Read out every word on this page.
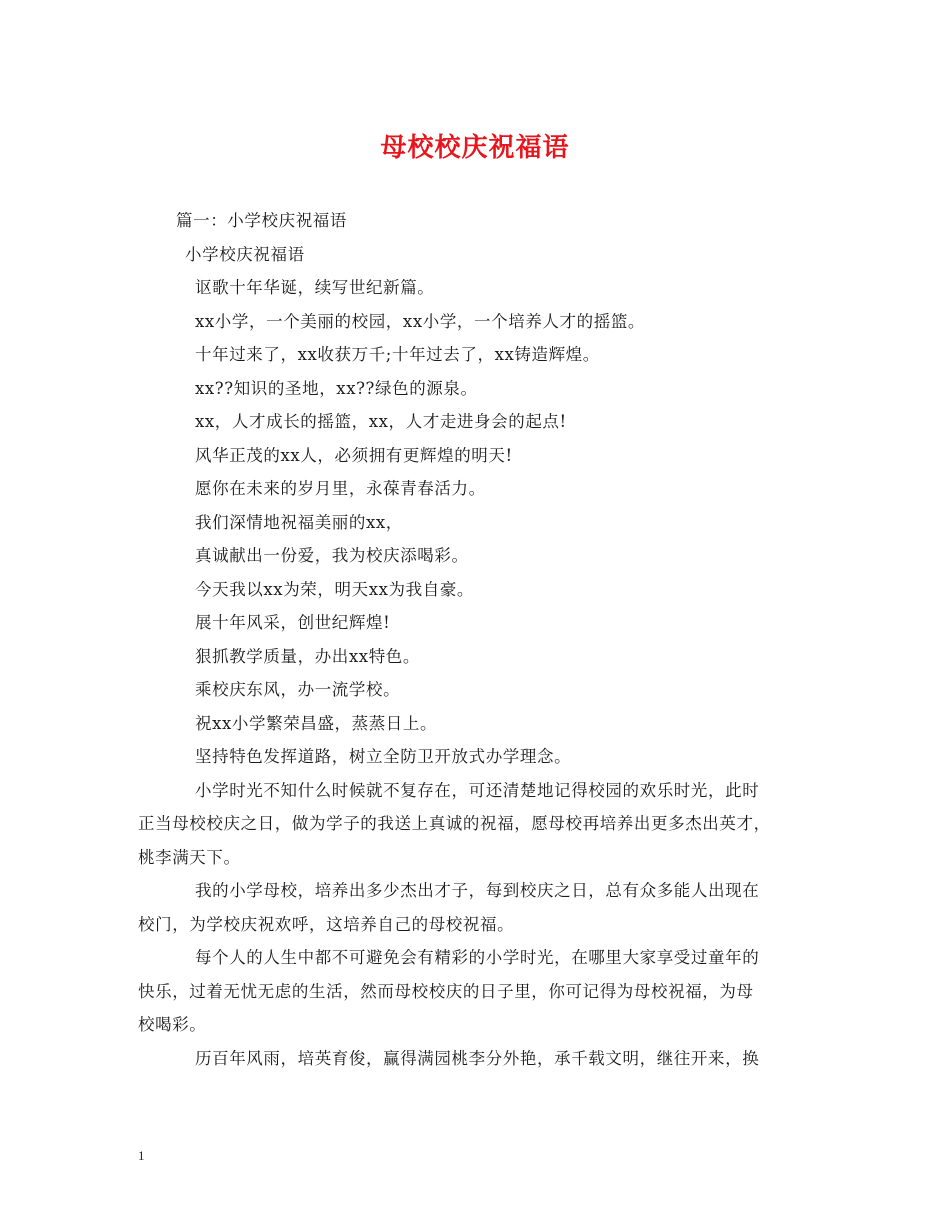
母校校庆祝福语
篇一：小学校庆祝福语
小学校庆祝福语
讴歌十年华诞，续写世纪新篇。
xx小学，一个美丽的校园，xx小学，一个培养人才的摇篮。
十年过来了，xx收获万千;十年过去了，xx铸造辉煌。
xx??知识的圣地，xx??绿色的源泉。
xx，人才成长的摇篮，xx，人才走进身会的起点!
风华正茂的xx人，必须拥有更辉煌的明天!
愿你在未来的岁月里，永葆青春活力。
我们深情地祝福美丽的xx，
真诚献出一份爱，我为校庆添喝彩。
今天我以xx为荣，明天xx为我自豪。
展十年风采，创世纪辉煌!
狠抓教学质量，办出xx特色。
乘校庆东风，办一流学校。
祝xx小学繁荣昌盛，蒸蒸日上。
坚持特色发挥道路，树立全防卫开放式办学理念。
小学时光不知什么时候就不复存在，可还清楚地记得校园的欢乐时光，此时
正当母校校庆之日，做为学子的我送上真诚的祝福，愿母校再培养出更多杰出英才，
桃李满天下。
我的小学母校，培养出多少杰出才子，每到校庆之日，总有众多能人出现在
校门，为学校庆祝欢呼，这培养自己的母校祝福。
每个人的人生中都不可避免会有精彩的小学时光，在哪里大家享受过童年的
快乐，过着无忧无虑的生活，然而母校校庆的日子里，你可记得为母校祝福，为母
校喝彩。
历百年风雨，培英育俊，赢得满园桃李分外艳，承千载文明，继往开来，换
1
